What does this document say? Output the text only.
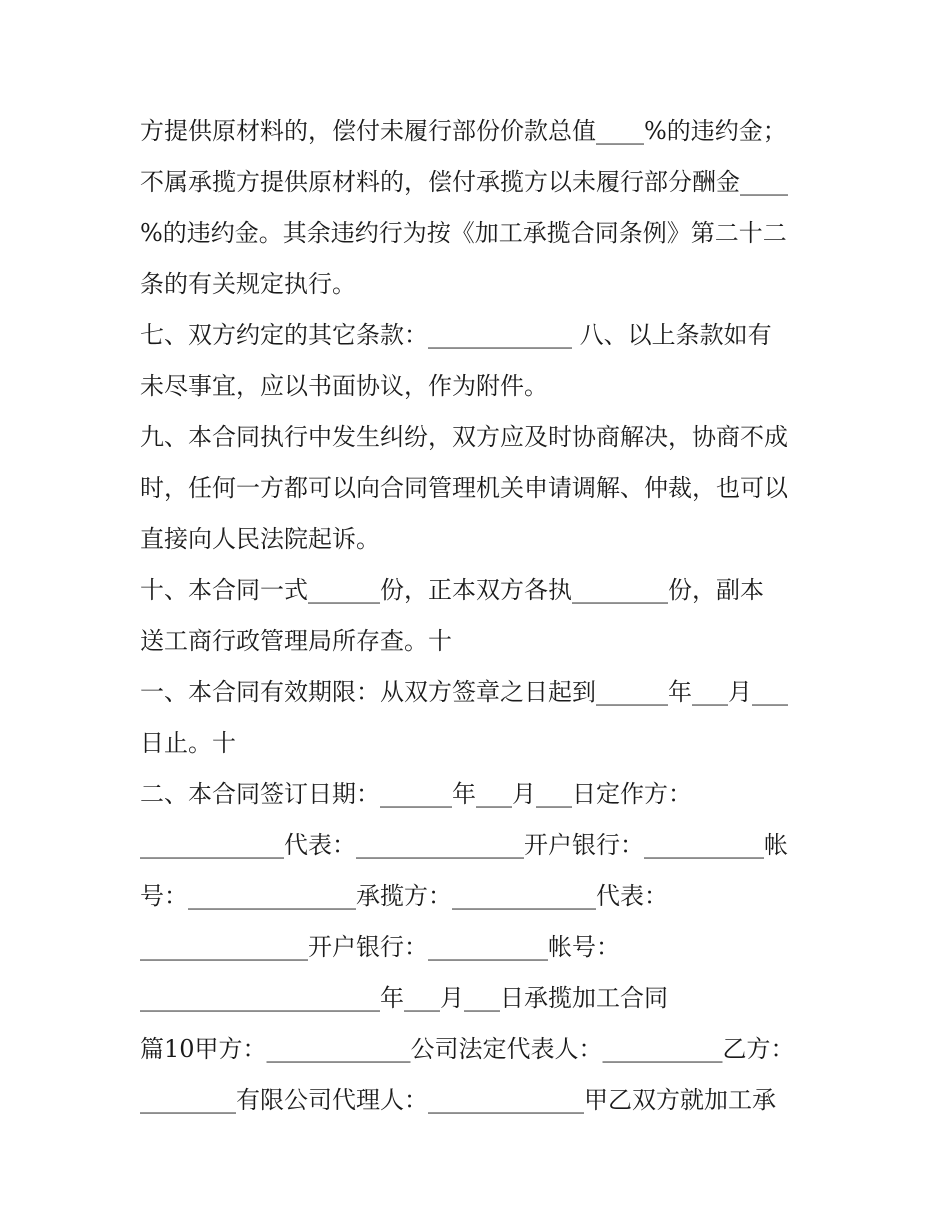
方提供原材料的，偿付未履行部份价款总值____%的违约金；
不属承揽方提供原材料的，偿付承揽方以未履行部分酬金____
%的违约金。其余违约行为按《加工承揽合同条例》第二十二
条的有关规定执行。
七、双方约定的其它条款：____________ 八、以上条款如有
未尽事宜，应以书面协议，作为附件。
九、本合同执行中发生纠纷，双方应及时协商解决，协商不成
时，任何一方都可以向合同管理机关申请调解、仲裁，也可以
直接向人民法院起诉。
十、本合同一式______份，正本双方各执________份，副本
送工商行政管理局所存查。十
一、本合同有效期限：从双方签章之日起到______年___月___
日止。十
二、本合同签订日期：______年___月___日定作方：
____________代表：______________开户银行：__________帐
号：______________承揽方：____________代表：
______________开户银行：__________帐号：
____________________年___月___日承揽加工合同
篇10甲方：____________公司法定代表人：__________乙方：
________有限公司代理人：_____________甲乙双方就加工承
